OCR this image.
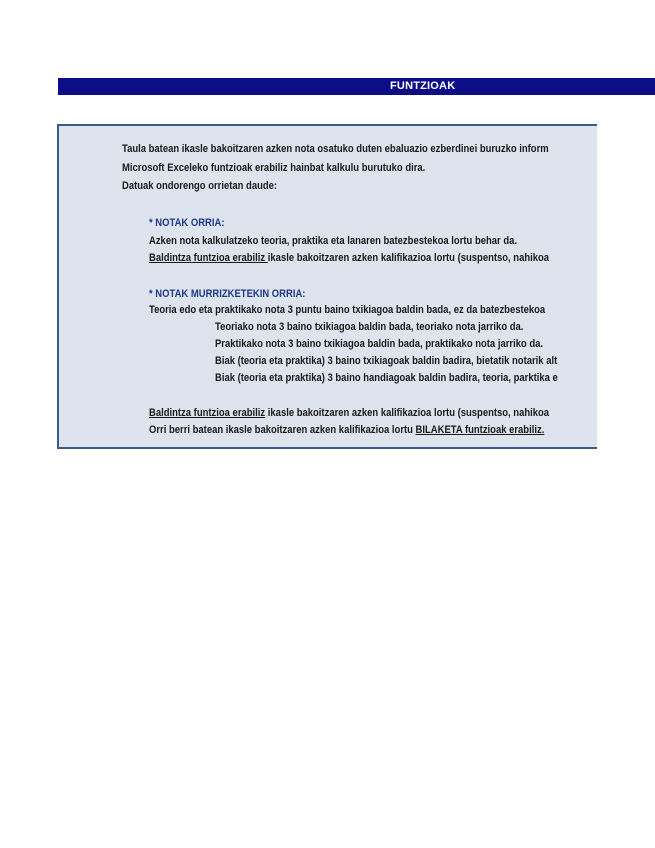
FUNTZIOAK
Taula batean ikasle bakoitzaren azken nota osatuko duten ebaluazio ezberdinei buruzko inform
Microsoft Exceleko funtzioak erabiliz hainbat kalkulu burutuko dira.
Datuak ondorengo orrietan daude:
* NOTAK ORRIA:
Azken nota kalkulatzeko teoria, praktika eta lanaren batezbestekoa lortu behar da.
Baldintza funtzioa erabiliz ikasle bakoitzaren azken kalifikazioa lortu (suspentso, nahikoa
* NOTAK MURRIZKETEKIN ORRIA:
Teoria edo eta praktikako nota 3 puntu baino txikiagoa baldin bada, ez da batezbestekoa
Teoriako nota 3 baino txikiagoa baldin bada, teoriako nota jarriko da.
Praktikako nota 3 baino txikiagoa baldin bada, praktikako nota jarriko da.
Biak (teoria eta praktika) 3 baino txikiagoak baldin badira, bietatik notarik alt
Biak (teoria eta praktika) 3 baino handiagoak baldin badira, teoria, parktika e
Baldintza funtzioa erabiliz ikasle bakoitzaren azken kalifikazioa lortu (suspentso, nahikoa
Orri berri batean ikasle bakoitzaren azken kalifikazioa lortu BILAKETA funtzioak erabiliz.
